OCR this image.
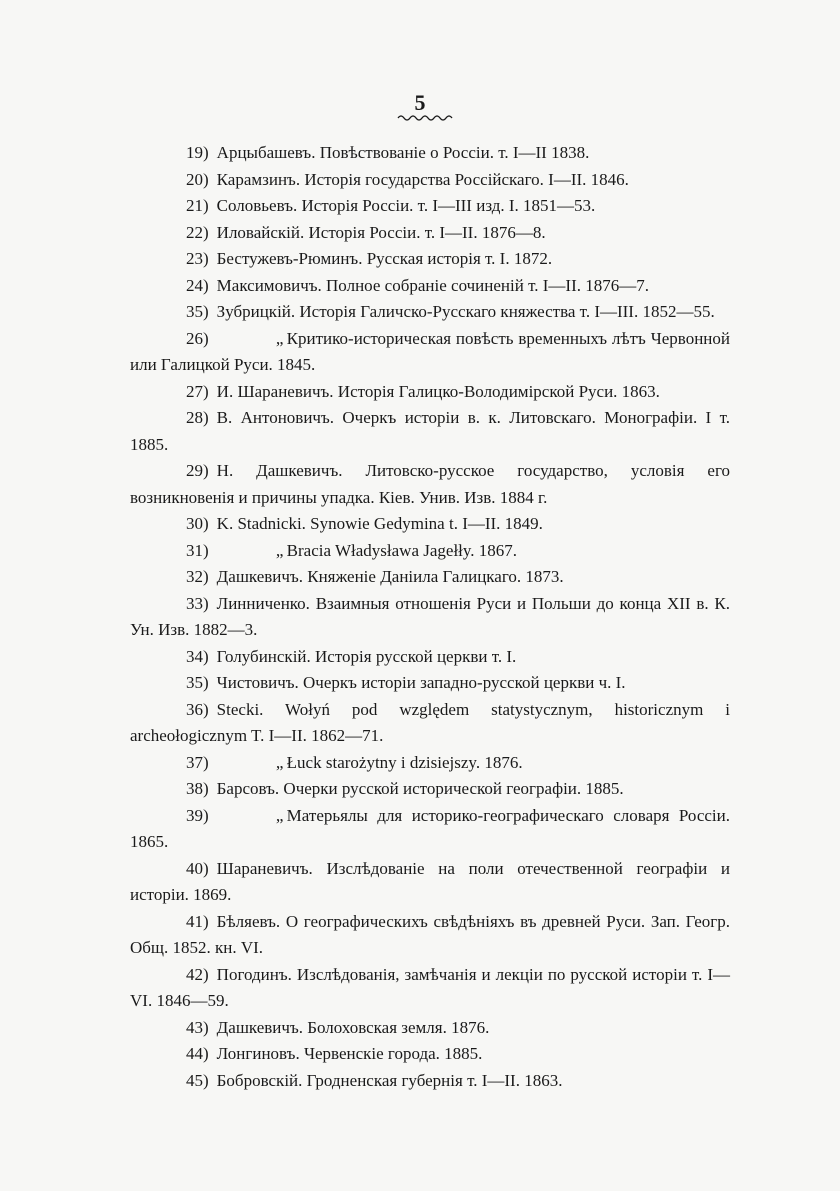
5

19) Арцыбашевъ. Повѣствованіе о Россіи. т. I—II 1838.

20) Карамзинъ. Исторія государства Россійскаго. I—II. 1846.

21) Соловьевъ. Исторія Россіи. т. I—III изд. I. 1851—53.

22) Иловайскій. Исторія Россіи. т. I—II. 1876—8.

23) Бестужевъ-Рюминъ. Русская исторія т. I. 1872.

24) Максимовичъ. Полное собраніе сочиненій т. I—II. 1876—7.

35) Зубрицкій. Исторія Галичско-Русскаго княжества т. I—III. 1852—55.

26)	„ Критико-историческая повѣсть временныхъ лѣтъ Червонной или Галицкой Руси. 1845.

27) И. Шараневичъ. Исторія Галицко-Володимірской Руси. 1863.

28) В. Антоновичъ. Очеркъ исторіи в. к. Литовскаго. Монографіи. I т. 1885.

29) Н. Дашкевичъ. Литовско-русское государство, условія его возникновенія и причины упадка. Кіев. Унив. Изв. 1884 г.

30) K. Stadnicki. Synowie Gedymina t. I—II. 1849.

31)	„ Bracia Władysława Jagełły. 1867.

32) Дашкевичъ. Княженіе Даніила Галицкаго. 1873.

33) Линниченко. Взаимныя отношенія Руси и Польши до конца XII в. К. Ун. Изв. 1882—3.

34) Голубинскій. Исторія русской церкви т. I.

35) Чистовичъ. Очеркъ исторіи западно-русской церкви ч. I.

36) Stecki. Wołyń pod względem statystycznym, historicznym i archeołogicznym T. I—II. 1862—71.

37)	„ Łuck starożytny i dzisiejszy. 1876.

38) Барсовъ. Очерки русской исторической географіи. 1885.

39)	„ Матерьялы для историко-географическаго словаря Россіи. 1865.

40) Шараневичъ. Изслѣдованіе на поли отечественной географіи и исторіи. 1869.

41) Бѣляевъ. О географическихъ свѣдѣніяхъ въ древней Руси. Зап. Геогр. Общ. 1852. кн. VI.

42) Погодинъ. Изслѣдованія, замѣчанія и лекціи по русской исторіи т. I—VI. 1846—59.

43) Дашкевичъ. Болоховская земля. 1876.

44) Лонгиновъ. Червенскіе города. 1885.

45) Бобровскій. Гродненская губернія т. I—II. 1863.
